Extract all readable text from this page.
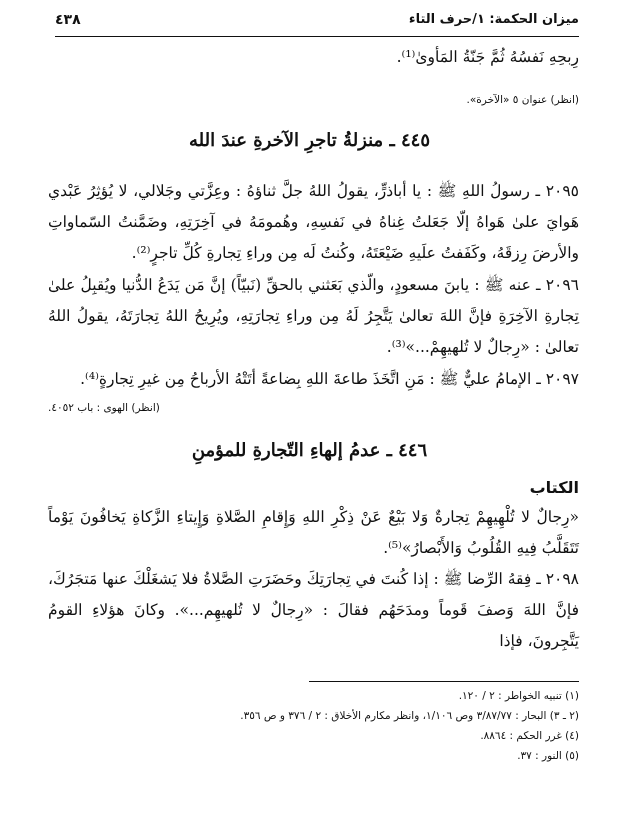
٤٣٨	ميزان الحكمة: ١/حرف التاء
رِبحِهِ نَفسُهُ ثُمَّ جَنّةُ المَأوىٰ⁽¹⁾.
(انظر) عنوان ٥ «الآخرة».
٤٤٥ ـ منزلةُ تاجرِ الآخرةِ عندَ الله
٢٠٩٥ ـ رسولُ اللهِ ﷺ : يا أباذرٍّ، يقولُ اللهُ جلَّ ثناؤهُ : وعِزَّتي وجَلالي، لا يُؤثِرُ عَبْدي هَوايَ علىٰ هَواهُ إلّا جَعَلتُ غِناهُ في نَفسِهِ، وهُمومَهُ في آخِرَتِهِ، وضَمَّنتُ السّماواتِ والأرضَ رِزقَهُ، وكَفَفتُ علَيهِ ضَيْعَتَهُ، وكُنتُ لَه مِن وراءِ تِجارةِ كُلِّ تاجرٍ⁽²⁾.
٢٠٩٦ ـ عنه ﷺ : يابنَ مسعودٍ، والّذي بَعَثني بالحقِّ (نَبيّاً) إنَّ مَن يَدَعُ الدُّنيا ويُقبِلُ علىٰ تِجارةِ الآخِرَةِ فإنَّ اللهَ تعالىٰ يَتَّجِرُ لَهُ مِن وراءِ تِجارَتِهِ، ويُرِيحُ اللهُ تِجارَتَهُ، يقولُ اللهُ تعالىٰ : «رِجالٌ لا تُلهيهِمْ...»⁽³⁾.
٢٠٩٧ ـ الإمامُ عليٌّ ﷺ : مَنِ اتَّخَذَ طاعةَ اللهِ بِضاعةً أتَتْهُ الأرباحُ مِن غيرِ تِجارةٍ⁽⁴⁾.
(انظر) الهوى : باب ٤٠٥٢.
٤٤٦ ـ عدمُ إلهاءِ التّجارةِ للمؤمنِ
الكتاب
«رِجالٌ لا تُلْهِيهِمْ تِجارةٌ وَلا بَيْعٌ عَنْ ذِكْرِ اللهِ وَإِقامِ الصَّلاةِ وَإِيتاءِ الزَّكاةِ يَخافُونَ يَوْماً تَتَقَلَّبُ فِيهِ القُلُوبُ وَالأَبْصارُ»⁽⁵⁾.
٢٠٩٨ ـ فِقهُ الرِّضا ﷺ : إذا كُنتَ في تِجارَتِكَ وحَضَرَتِ الصَّلاةُ فلا يَشغَلْكَ عنها مَتجَرُكَ، فإنَّ اللهَ وَصفَ قَوماً ومدَحَهُم فقالَ : «رِجالٌ لا تُلهيهِم...». وكانَ هؤلاءِ القومُ يَتَّجِرونَ، فإذا
(١) تنبيه الخواطر : ٢ / ١٢٠.
(٢ ـ ٣) البحار : ٣/٨٧/٧٧ وص ١/١٠٦، وانظر مكارم الأخلاق : ٢ / ٣٧٦ و ص ٣٥٦.
(٤) غرر الحكم : ٨٨٦٤.
(٥) النور : ٣٧.
